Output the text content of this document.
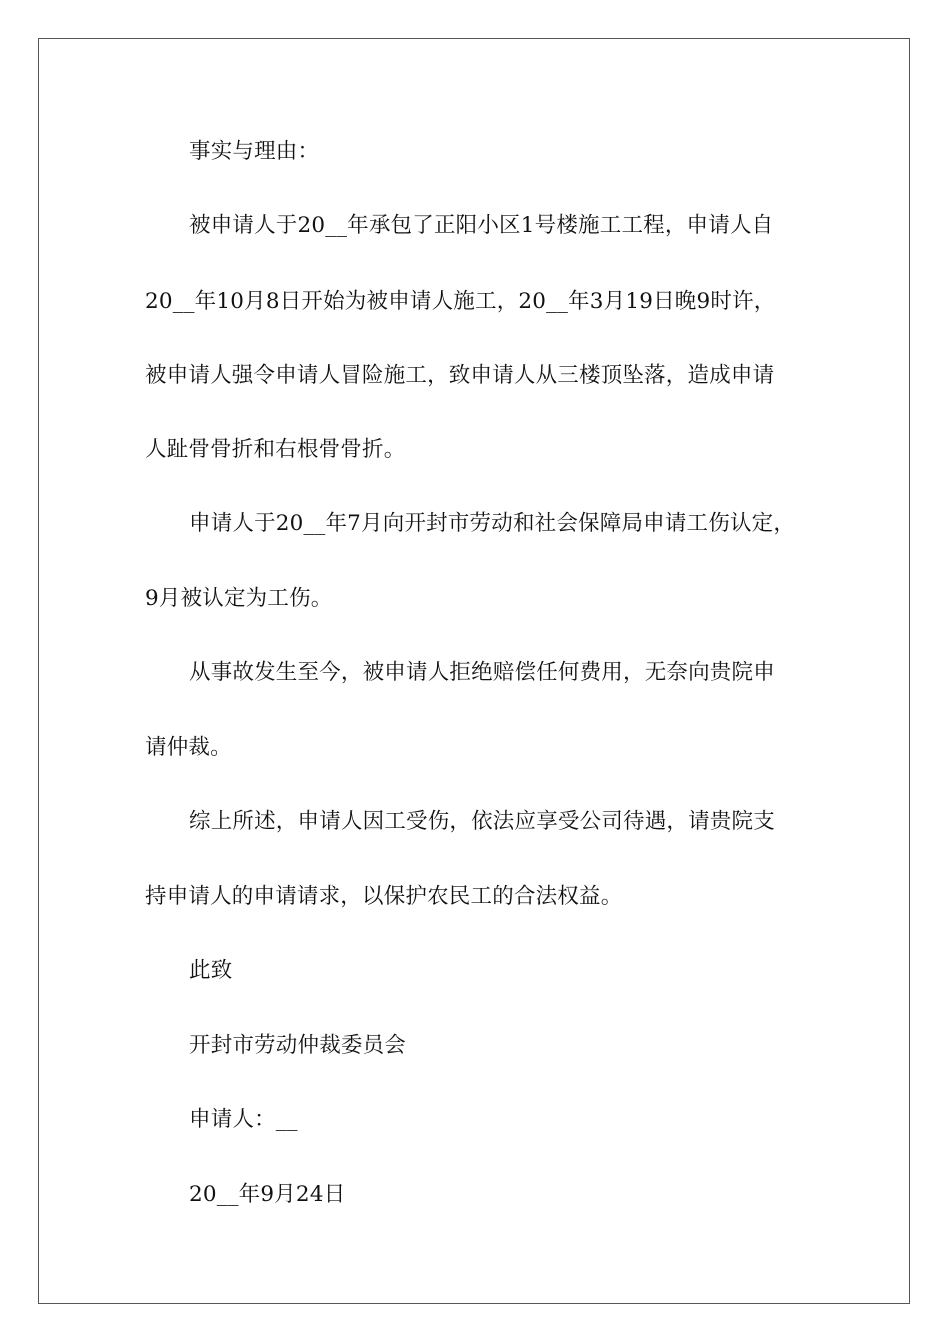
事实与理由：
被申请人于20__年承包了正阳小区1号楼施工工程，申请人自
20__年10月8日开始为被申请人施工，20__年3月19日晚9时许，
被申请人强令申请人冒险施工，致申请人从三楼顶坠落，造成申请
人趾骨骨折和右根骨骨折。
申请人于20__年7月向开封市劳动和社会保障局申请工伤认定，
9月被认定为工伤。
从事故发生至今，被申请人拒绝赔偿任何费用，无奈向贵院申
请仲裁。
综上所述，申请人因工受伤，依法应享受公司待遇，请贵院支
持申请人的申请请求，以保护农民工的合法权益。
此致
开封市劳动仲裁委员会
申请人：__
20__年9月24日
